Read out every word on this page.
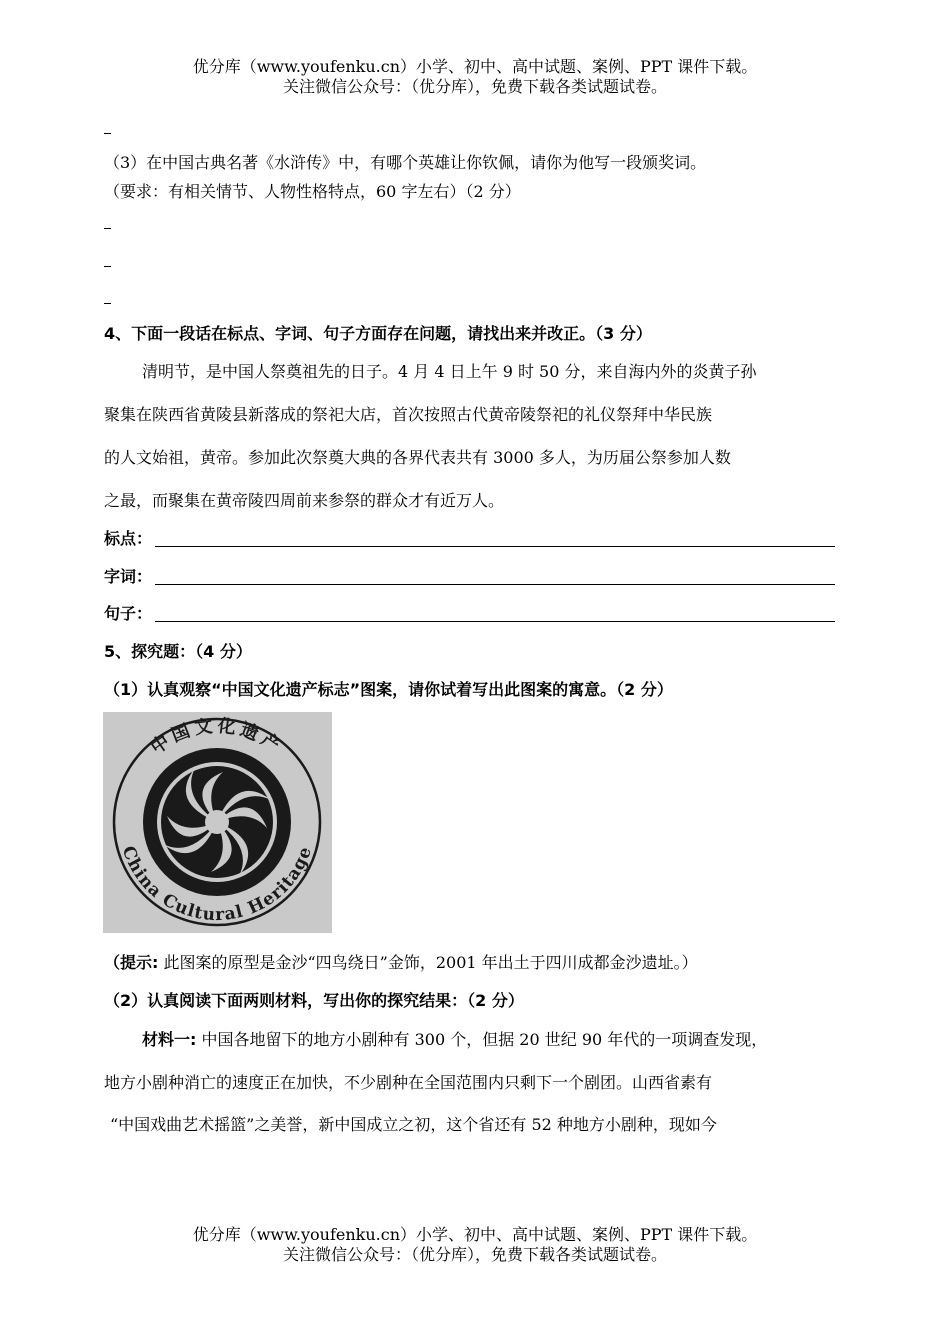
优分库（www.youfenku.cn）小学、初中、高中试题、案例、PPT 课件下载。
关注微信公众号：（优分库），免费下载各类试题试卷。
（3）在中国古典名著《水浒传》中，有哪个英雄让你钦佩，请你为他写一段颁奖词。
（要求：有相关情节、人物性格特点，60 字左右）（2 分）
4、下面一段话在标点、字词、句子方面存在问题，请找出来并改正。（3 分）
清明节，是中国人祭奠祖先的日子。4 月 4 日上午 9 时 50 分，来自海内外的炎黄子孙
聚集在陕西省黄陵县新落成的祭祀大店，首次按照古代黄帝陵祭祀的礼仪祭拜中华民族
的人文始祖，黄帝。参加此次祭奠大典的各界代表共有 3000 多人，为历届公祭参加人数
之最，而聚集在黄帝陵四周前来参祭的群众才有近万人。
标点：
字词：
句子：
5、探究题：（4 分）
（1）认真观察“中国文化遗产标志”图案，请你试着写出此图案的寓意。（2 分）
中国文化遗产
China Cultural Heritage
（提示: 此图案的原型是金沙“四鸟绕日”金饰，2001 年出土于四川成都金沙遗址。）
（2）认真阅读下面两则材料，写出你的探究结果：（2 分）
材料一: 中国各地留下的地方小剧种有 300 个，但据 20 世纪 90 年代的一项调查发现，
地方小剧种消亡的速度正在加快，不少剧种在全国范围内只剩下一个剧团。山西省素有
“中国戏曲艺术摇篮”之美誉，新中国成立之初，这个省还有 52 种地方小剧种，现如今
优分库（www.youfenku.cn）小学、初中、高中试题、案例、PPT 课件下载。
关注微信公众号：（优分库），免费下载各类试题试卷。
